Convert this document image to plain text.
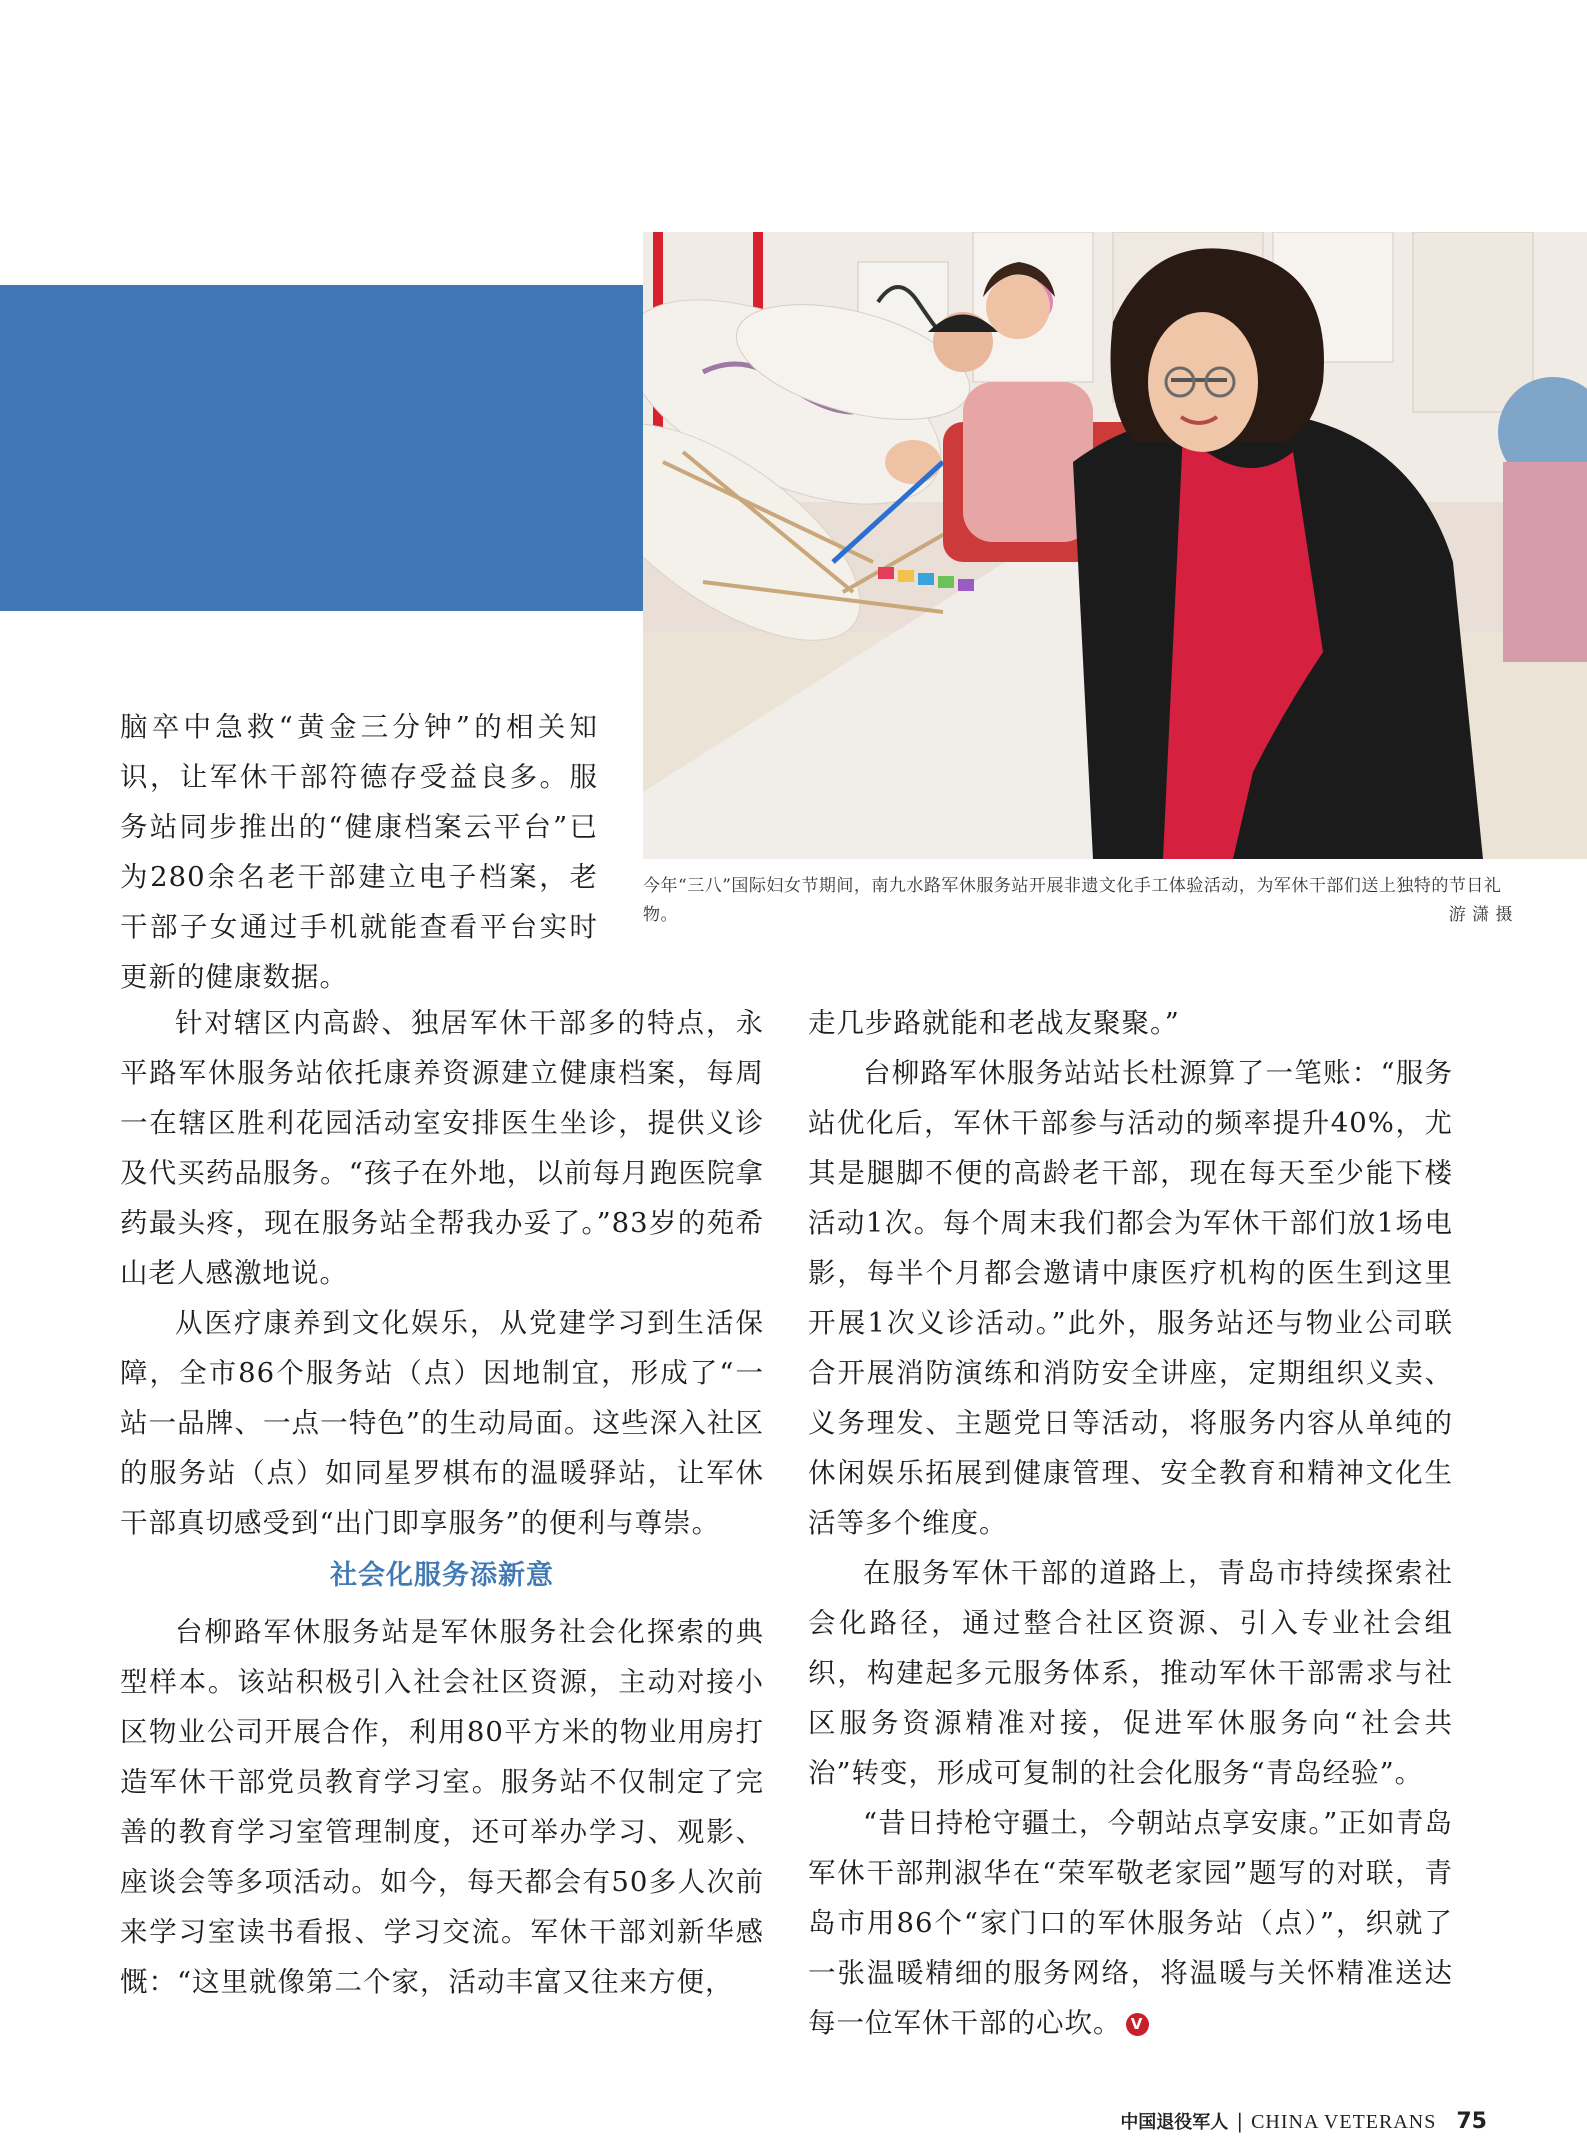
今年“三八”国际妇女节期间，南九水路军休服务站开展非遗文化手工体验活动，为军休干部们送上独特的节日礼物。	游 潇 摄

脑卒中急救“黄金三分钟”的相关知识，让军休干部符德存受益良多。服务站同步推出的“健康档案云平台”已为280余名老干部建立电子档案，老干部子女通过手机就能查看平台实时更新的健康数据。

针对辖区内高龄、独居军休干部多的特点，永平路军休服务站依托康养资源建立健康档案，每周一在辖区胜利花园活动室安排医生坐诊，提供义诊及代买药品服务。“孩子在外地，以前每月跑医院拿药最头疼，现在服务站全帮我办妥了。”83岁的苑希山老人感激地说。

从医疗康养到文化娱乐，从党建学习到生活保障，全市86个服务站（点）因地制宜，形成了“一站一品牌、一点一特色”的生动局面。这些深入社区的服务站（点）如同星罗棋布的温暖驿站，让军休干部真切感受到“出门即享服务”的便利与尊崇。

社会化服务添新意

台柳路军休服务站是军休服务社会化探索的典型样本。该站积极引入社会社区资源，主动对接小区物业公司开展合作，利用80平方米的物业用房打造军休干部党员教育学习室。服务站不仅制定了完善的教育学习室管理制度，还可举办学习、观影、座谈会等多项活动。如今，每天都会有50多人次前来学习室读书看报、学习交流。军休干部刘新华感慨：“这里就像第二个家，活动丰富又往来方便，

走几步路就能和老战友聚聚。”

台柳路军休服务站站长杜源算了一笔账：“服务站优化后，军休干部参与活动的频率提升40%，尤其是腿脚不便的高龄老干部，现在每天至少能下楼活动1次。每个周末我们都会为军休干部们放1场电影，每半个月都会邀请中康医疗机构的医生到这里开展1次义诊活动。”此外，服务站还与物业公司联合开展消防演练和消防安全讲座，定期组织义卖、义务理发、主题党日等活动，将服务内容从单纯的休闲娱乐拓展到健康管理、安全教育和精神文化生活等多个维度。

在服务军休干部的道路上，青岛市持续探索社会化路径，通过整合社区资源、引入专业社会组织，构建起多元服务体系，推动军休干部需求与社区服务资源精准对接，促进军休服务向“社会共治”转变，形成可复制的社会化服务“青岛经验”。

“昔日持枪守疆土，今朝站点享安康。”正如青岛军休干部荆淑华在“荣军敬老家园”题写的对联，青岛市用86个“家门口的军休服务站（点）”，织就了一张温暖精细的服务网络，将温暖与关怀精准送达每一位军休干部的心坎。 V

中国退役军人 | CHINA VETERANS 75
